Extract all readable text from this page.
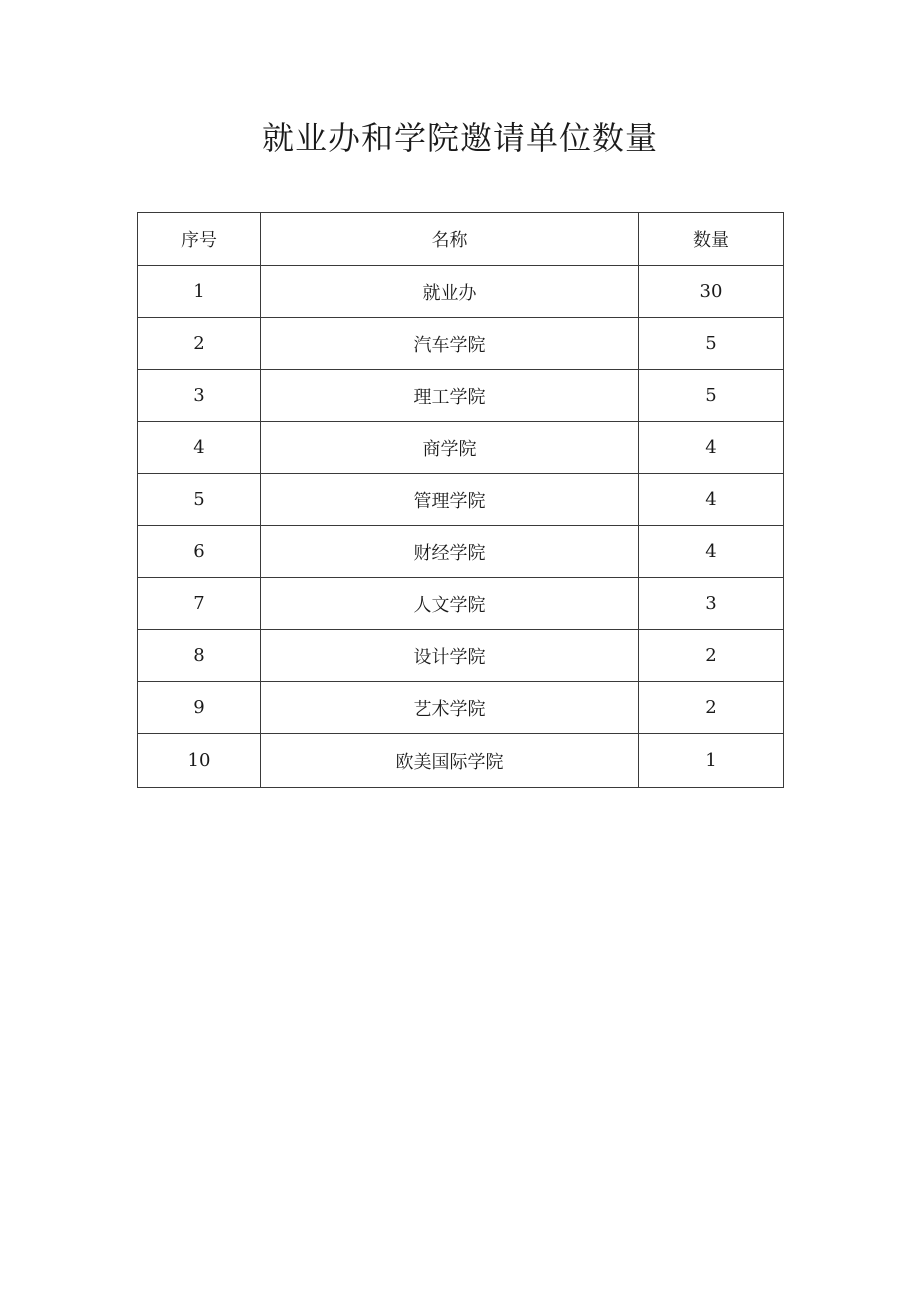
就业办和学院邀请单位数量
序号	名称	数量
1	就业办	30
2	汽车学院	5
3	理工学院	5
4	商学院	4
5	管理学院	4
6	财经学院	4
7	人文学院	3
8	设计学院	2
9	艺术学院	2
10	欧美国际学院	1
